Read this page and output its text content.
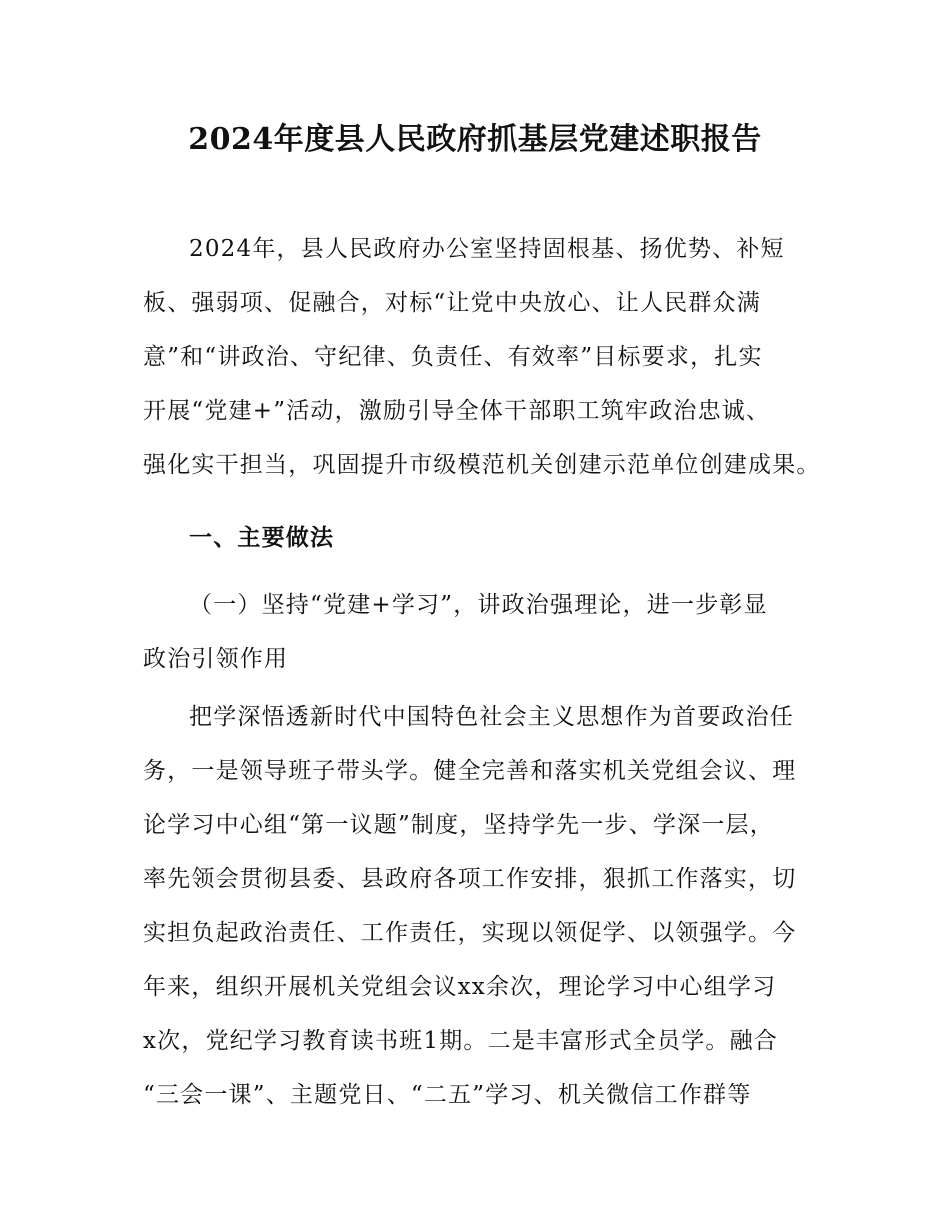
2024年度县人民政府抓基层党建述职报告
2024年，县人民政府办公室坚持固根基、扬优势、补短
板、强弱项、促融合，对标“让党中央放心、让人民群众满
意”和“讲政治、守纪律、负责任、有效率”目标要求，扎实
开展“党建+”活动，激励引导全体干部职工筑牢政治忠诚、
强化实干担当，巩固提升市级模范机关创建示范单位创建成果。
一、主要做法
（一）坚持“党建+学习”，讲政治强理论，进一步彰显
政治引领作用
把学深悟透新时代中国特色社会主义思想作为首要政治任
务，一是领导班子带头学。健全完善和落实机关党组会议、理
论学习中心组“第一议题”制度，坚持学先一步、学深一层，
率先领会贯彻县委、县政府各项工作安排，狠抓工作落实，切
实担负起政治责任、工作责任，实现以领促学、以领强学。今
年来，组织开展机关党组会议xx余次，理论学习中心组学习
x次，党纪学习教育读书班1期。二是丰富形式全员学。融合
“三会一课”、主题党日、“二五”学习、机关微信工作群等
